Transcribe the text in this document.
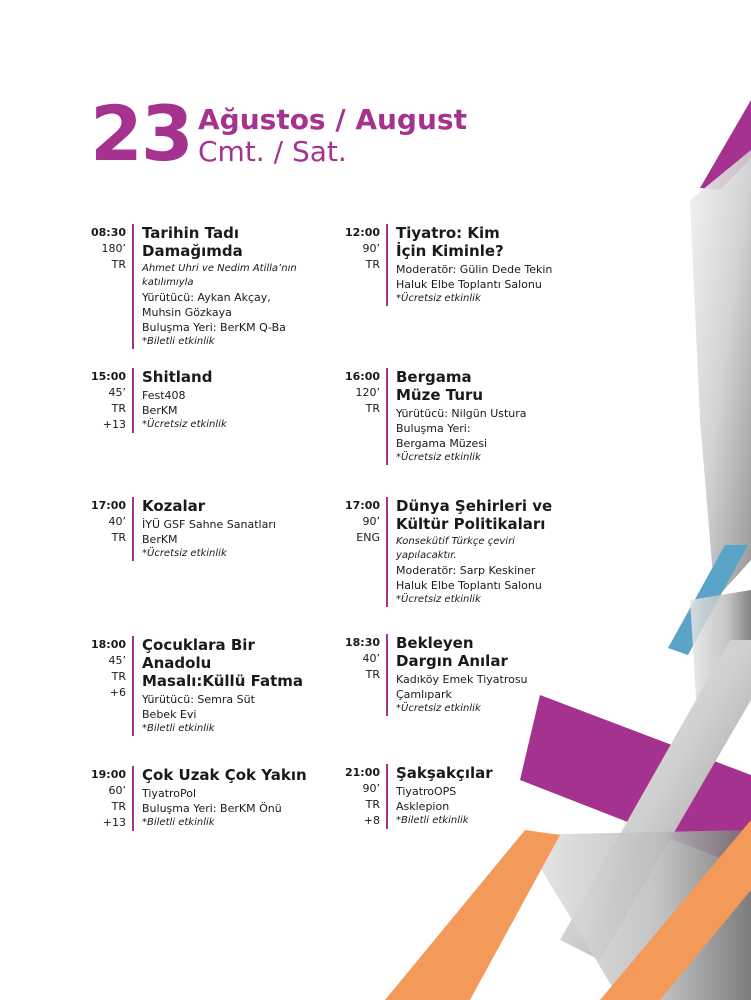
23 Ağustos / August
Cmt. / Sat.
08:30
180’
TR
Tarihin Tadı
Damağımda
Ahmet Uhri ve Nedim Atilla’nın katılımıyla
Yürütücü: Aykan Akçay,
Muhsin Gözkaya
Buluşma Yeri: BerKM Q-Ba
*Biletli etkinlik
12:00
90’
TR
Tiyatro: Kim
İçin Kiminle?
Moderatör: Gülin Dede Tekin
Haluk Elbe Toplantı Salonu
*Ücretsiz etkinlik
15:00
45’
TR
+13
Shitland
Fest408
BerKM
*Ücretsiz etkinlik
16:00
120’
TR
Bergama
Müze Turu
Yürütücü: Nilgün Ustura
Buluşma Yeri:
Bergama Müzesi
*Ücretsiz etkinlik
17:00
40’
TR
Kozalar
İYÜ GSF Sahne Sanatları
BerKM
*Ücretsiz etkinlik
17:00
90’
ENG
Dünya Şehirleri ve
Kültür Politikaları
Konsekütif Türkçe çeviri yapılacaktır.
Moderatör: Sarp Keskiner
Haluk Elbe Toplantı Salonu
*Ücretsiz etkinlik
18:00
45’
TR
+6
Çocuklara Bir
Anadolu
Masalı:Küllü Fatma
Yürütücü: Semra Süt
Bebek Evi
*Biletli etkinlik
18:30
40’
TR
Bekleyen
Dargın Anılar
Kadıköy Emek Tiyatrosu
Çamlıpark
*Ücretsiz etkinlik
19:00
60’
TR
+13
Çok Uzak Çok Yakın
TiyatroPol
Buluşma Yeri: BerKM Önü
*Biletli etkinlik
21:00
90’
TR
+8
Şakşakçılar
TiyatroOPS
Asklepion
*Biletli etkinlik
